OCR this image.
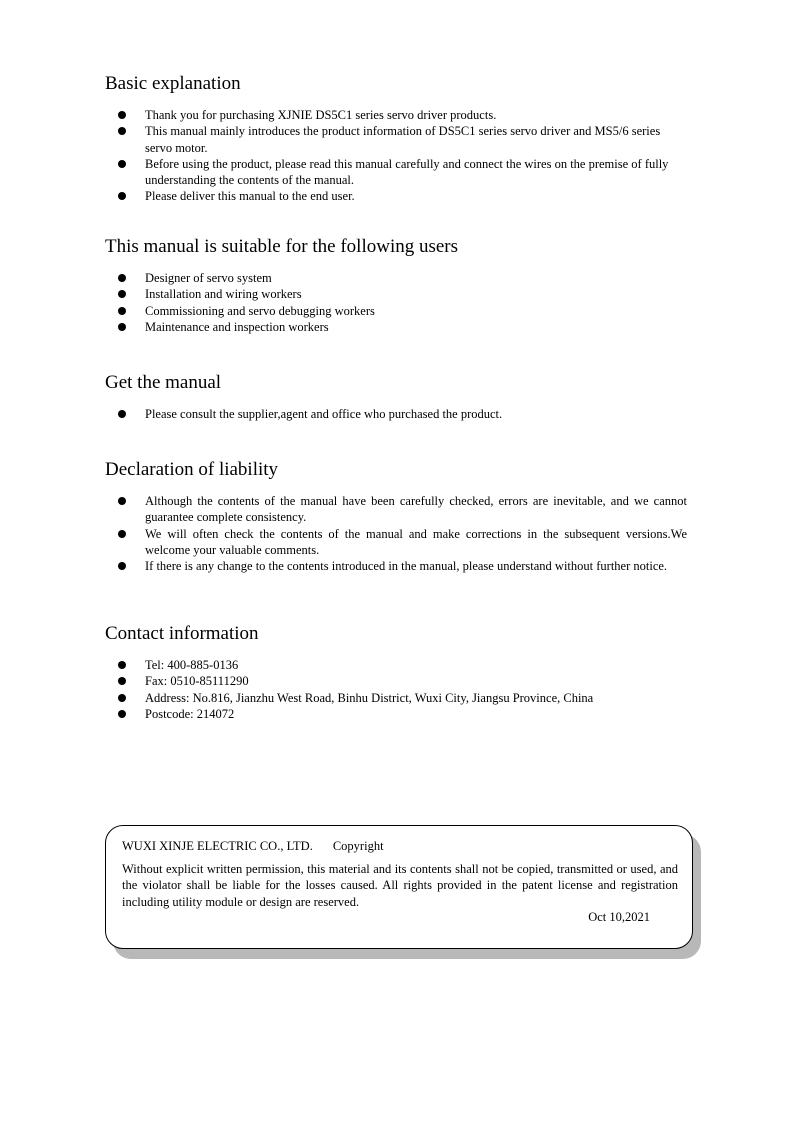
Basic explanation
Thank you for purchasing XJNIE DS5C1 series servo driver products.
This manual mainly introduces the product information of DS5C1 series servo driver and MS5/6 series servo motor.
Before using the product, please read this manual carefully and connect the wires on the premise of fully understanding the contents of the manual.
Please deliver this manual to the end user.
This manual is suitable for the following users
Designer of servo system
Installation and wiring workers
Commissioning and servo debugging workers
Maintenance and inspection workers
Get the manual
Please consult the supplier,agent and office who purchased the product.
Declaration of liability
Although the contents of the manual have been carefully checked, errors are inevitable, and we cannot guarantee complete consistency.
We will often check the contents of the manual and make corrections in the subsequent versions.We welcome your valuable comments.
If there is any change to the contents introduced in the manual, please understand without further notice.
Contact information
Tel: 400-885-0136
Fax: 0510-85111290
Address: No.816, Jianzhu West Road, Binhu District, Wuxi City, Jiangsu Province, China
Postcode: 214072
WUXI XINJE ELECTRIC CO., LTD. Copyright
Without explicit written permission, this material and its contents shall not be copied, transmitted or used, and the violator shall be liable for the losses caused. All rights provided in the patent license and registration including utility module or design are reserved.
Oct 10,2021
